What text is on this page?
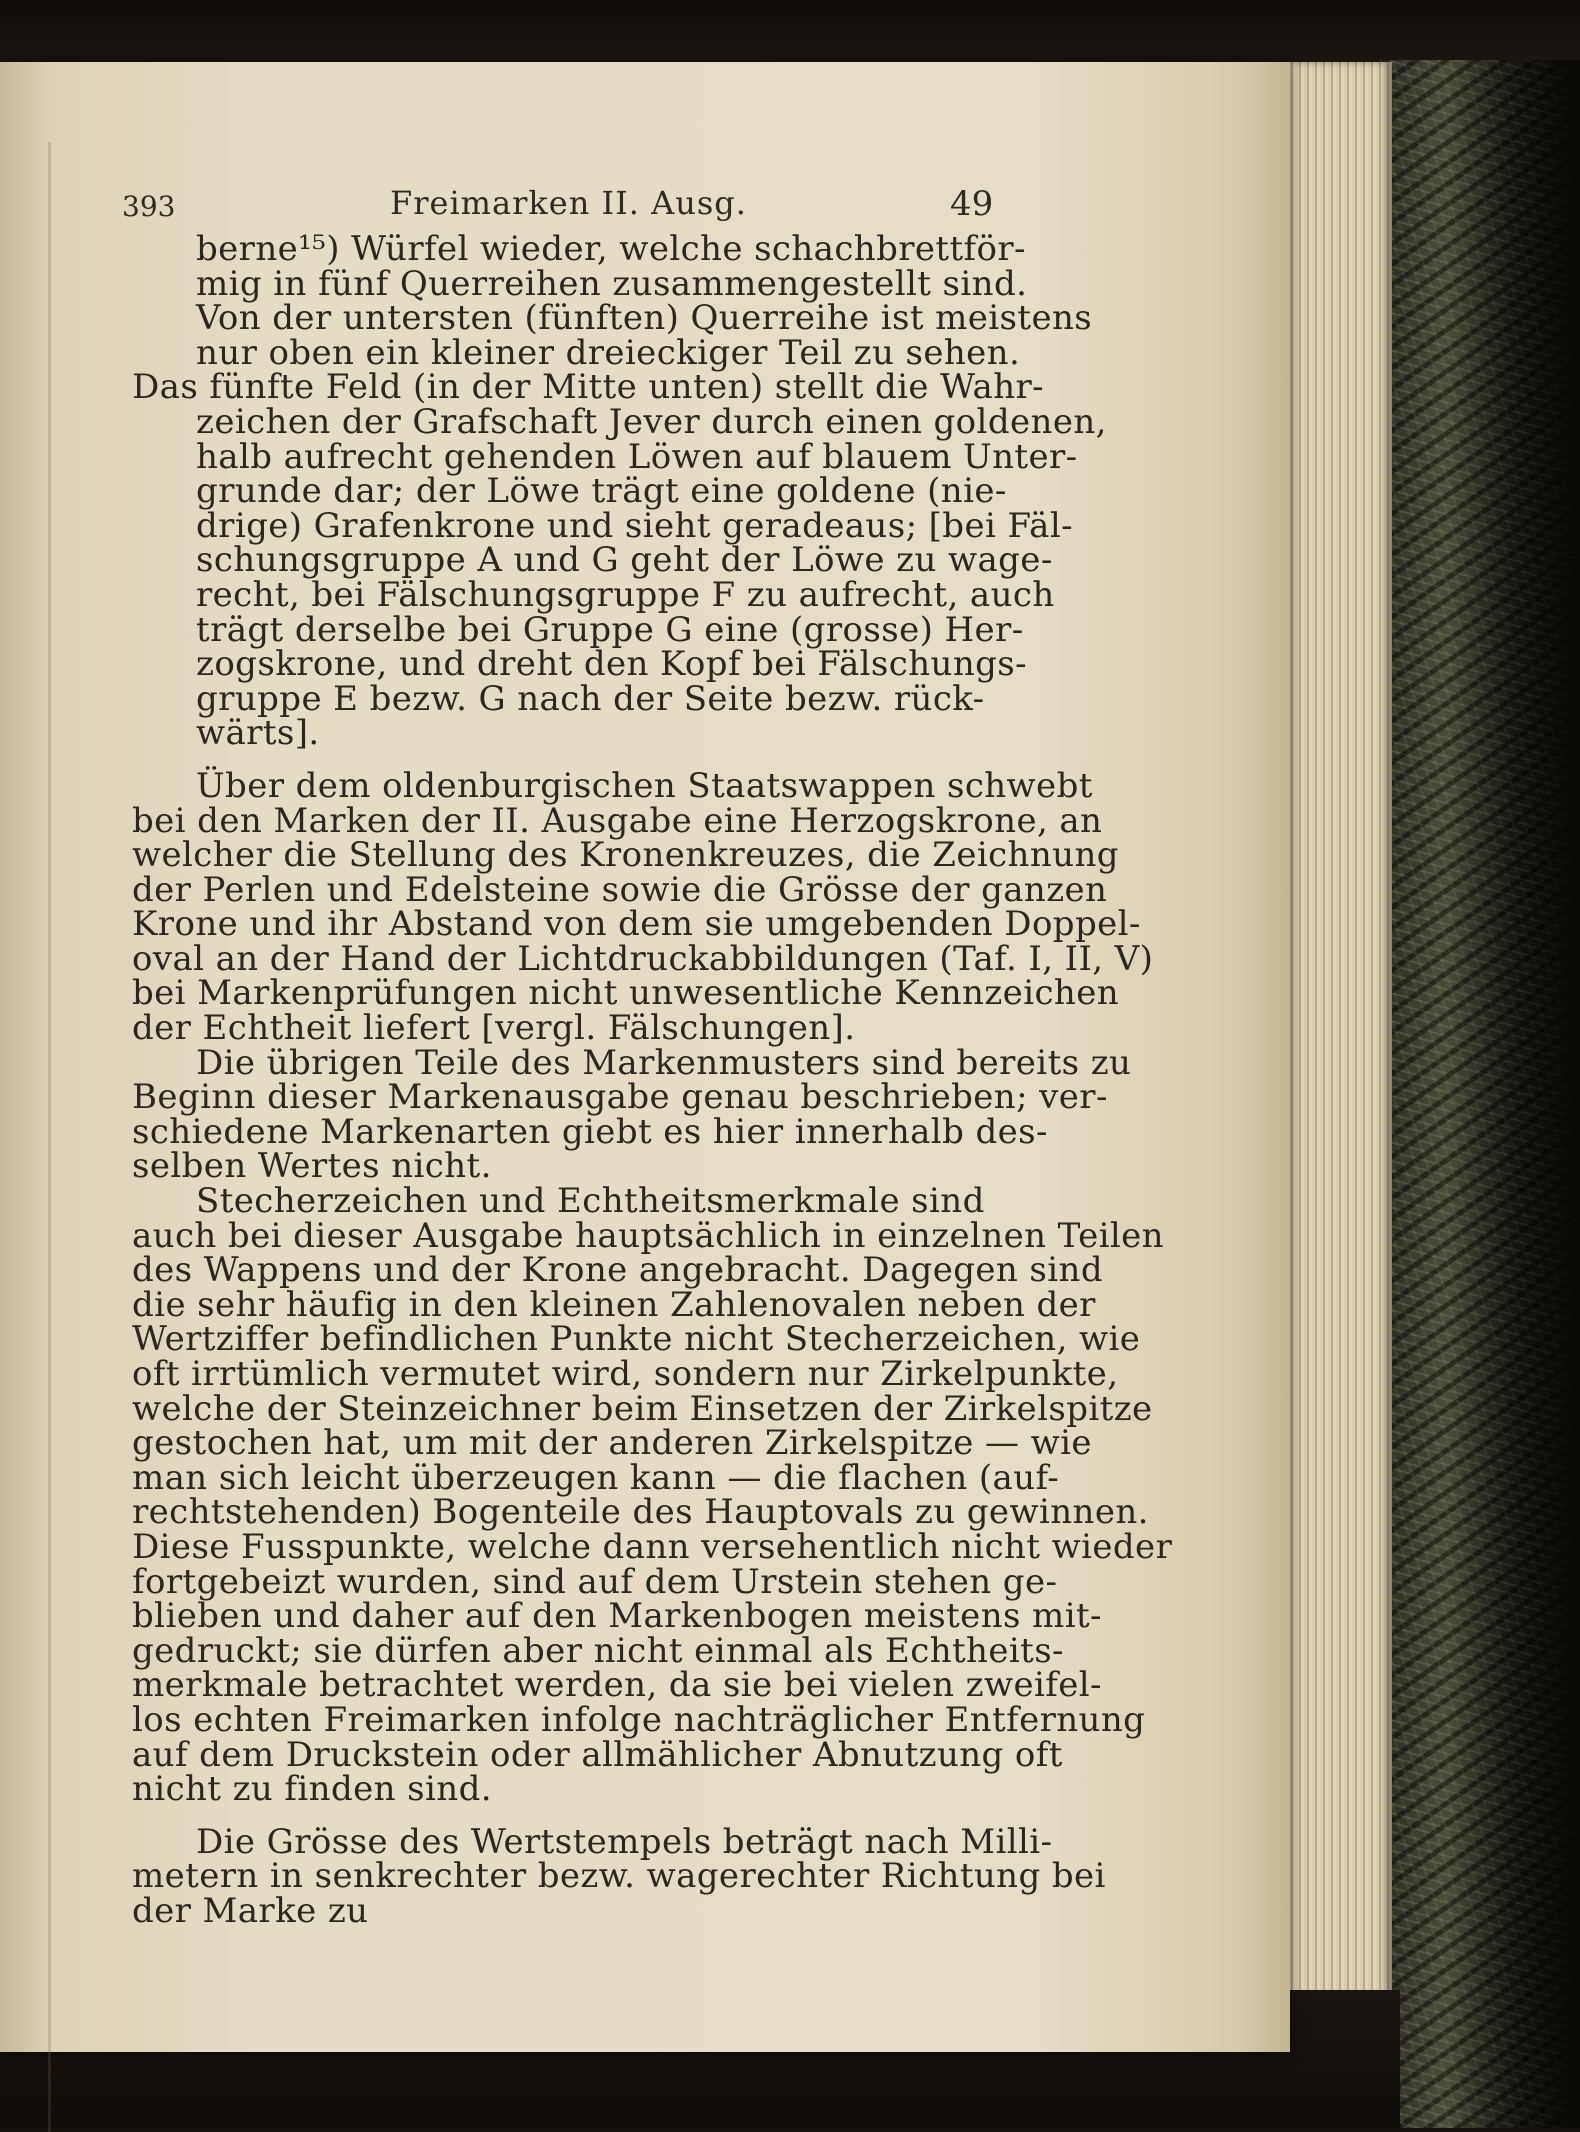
393	Freimarken II. Ausg.	49
berne¹⁵) Würfel wieder, welche schachbrettför-
mig in fünf Querreihen zusammengestellt sind.
Von der untersten (fünften) Querreihe ist meistens
nur oben ein kleiner dreieckiger Teil zu sehen.
Das fünfte Feld (in der Mitte unten) stellt die Wahr-
zeichen der Grafschaft Jever durch einen goldenen,
halb aufrecht gehenden Löwen auf blauem Unter-
grunde dar; der Löwe trägt eine goldene (nie-
drige) Grafenkrone und sieht geradeaus; [bei Fäl-
schungsgruppe A und G geht der Löwe zu wage-
recht, bei Fälschungsgruppe F zu aufrecht, auch
trägt derselbe bei Gruppe G eine (grosse) Her-
zogskrone, und dreht den Kopf bei Fälschungs-
gruppe E bezw. G nach der Seite bezw. rück-
wärts].
Über dem oldenburgischen Staatswappen schwebt
bei den Marken der II. Ausgabe eine Herzogskrone, an
welcher die Stellung des Kronenkreuzes, die Zeichnung
der Perlen und Edelsteine sowie die Grösse der ganzen
Krone und ihr Abstand von dem sie umgebenden Doppel-
oval an der Hand der Lichtdruckabbildungen (Taf. I, II, V)
bei Markenprüfungen nicht unwesentliche Kennzeichen
der Echtheit liefert [vergl. Fälschungen].
Die übrigen Teile des Markenmusters sind bereits zu
Beginn dieser Markenausgabe genau beschrieben; ver-
schiedene Markenarten giebt es hier innerhalb des-
selben Wertes nicht.
Stecherzeichen und Echtheitsmerkmale sind
auch bei dieser Ausgabe hauptsächlich in einzelnen Teilen
des Wappens und der Krone angebracht. Dagegen sind
die sehr häufig in den kleinen Zahlenovalen neben der
Wertziffer befindlichen Punkte nicht Stecherzeichen, wie
oft irrtümlich vermutet wird, sondern nur Zirkelpunkte,
welche der Steinzeichner beim Einsetzen der Zirkelspitze
gestochen hat, um mit der anderen Zirkelspitze — wie
man sich leicht überzeugen kann — die flachen (auf-
rechtstehenden) Bogenteile des Hauptovals zu gewinnen.
Diese Fusspunkte, welche dann versehentlich nicht wieder
fortgebeizt wurden, sind auf dem Urstein stehen ge-
blieben und daher auf den Markenbogen meistens mit-
gedruckt; sie dürfen aber nicht einmal als Echtheits-
merkmale betrachtet werden, da sie bei vielen zweifel-
los echten Freimarken infolge nachträglicher Entfernung
auf dem Druckstein oder allmählicher Abnutzung oft
nicht zu finden sind.
Die Grösse des Wertstempels beträgt nach Milli-
metern in senkrechter bezw. wagerechter Richtung bei
der Marke zu
